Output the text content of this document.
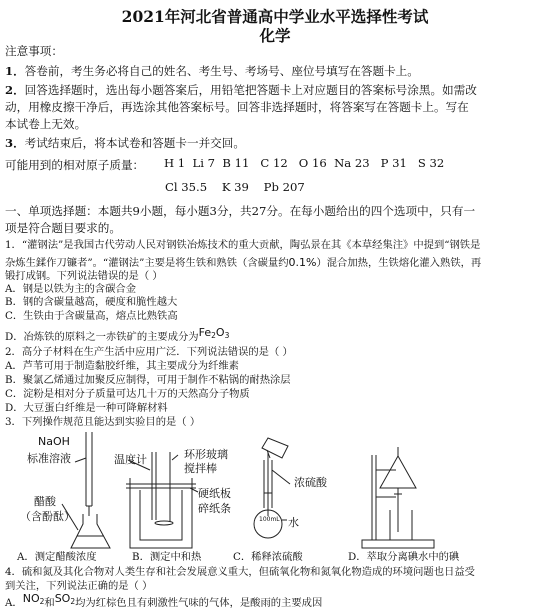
2021年河北省普通高中学业水平选择性考试
化学
注意事项：
1．答卷前，考生务必将自己的姓名、考生号、考场号、座位号填写在答题卡上。
2．回答选择题时，选出每小题答案后，用铅笔把答题卡上对应题目的答案标号涂黑。如需改
动，用橡皮擦干净后，再选涂其他答案标号。回答非选择题时，将答案写在答题卡上。写在
本试卷上无效。
3．考试结束后，将本试卷和答题卡一并交回。
可能用到的相对原子质量： H 1  Li 7  B 11   C 12   O 16  Na 23   P 31   S 32
Cl 35.5    K 39    Pb 207
一、单项选择题：本题共9小题，每小题3分，共27分。在每小题给出的四个选项中，只有一
项是符合题目要求的。
1．“灌钢法”是我国古代劳动人民对钢铁冶炼技术的重大贡献，陶弘景在其《本草经集注》中提到“钢铁是
杂炼生鍒作刀镰者”。“灌钢法”主要是将生铁和熟铁（含碳量约0.1%）混合加热，生铁熔化灌入熟铁，再
锻打成钢。下列说法错误的是（ ）
A．钢是以铁为主的含碳合金
B．钢的含碳量越高，硬度和脆性越大
C．生铁由于含碳量高，熔点比熟铁高
D．冶炼铁的原料之一赤铁矿的主要成分为$Fe_2O_3$
2．高分子材料在生产生活中应用广泛．下列说法错误的是（ ）
A．芦苇可用于制造黏胶纤维，其主要成分为纤维素
B．聚氯乙烯通过加聚反应制得，可用于制作不粘锅的耐热涂层
C．淀粉是相对分子质量可达几十万的天然高分子物质
D．大豆蛋白纤维是一种可降解材料
3．下列操作规范且能达到实验目的是（ ）
NaOH
标准溶液
醋酸
（含酚酞）
温度计	环形玻璃
搅拌棒
硬纸板
碎纸条
浓硫酸
100mL 水
A．测定醋酸浓度	B．测定中和热	C．稀释浓硫酸	D．萃取分离碘水中的碘
4．硫和氮及其化合物对人类生存和社会发展意义重大，但硫氧化物和氮氧化物造成的环境问题也日益受
到关注，下列说法正确的是（ ）
A．$NO_2$和$SO_2$均为红棕色且有刺激性气味的气体，是酸雨的主要成因
